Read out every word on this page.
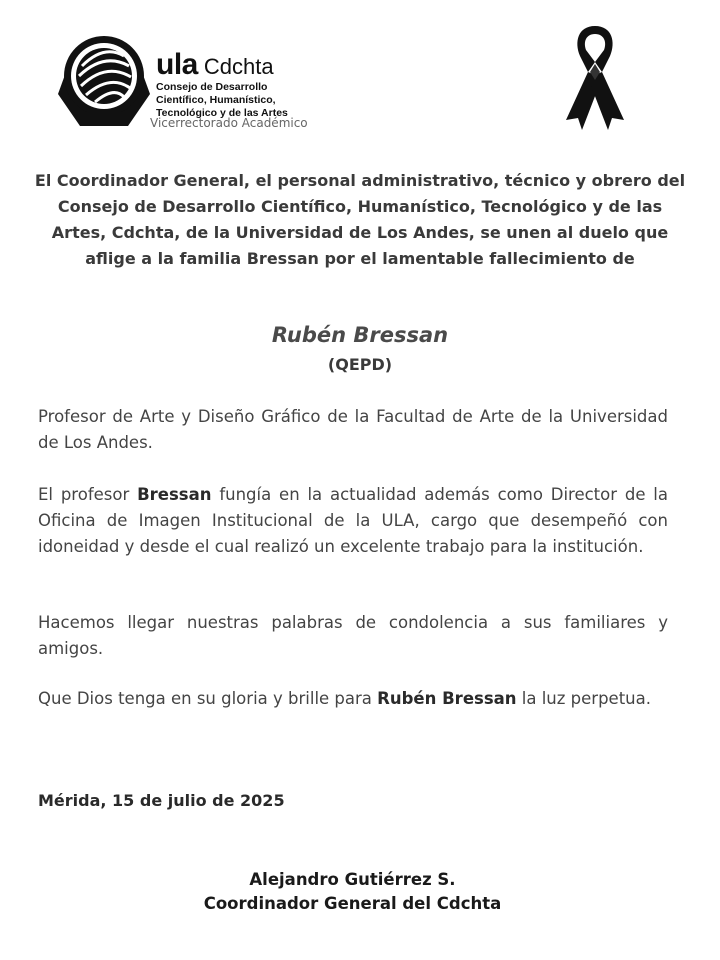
ula Cdchta
Consejo de Desarrollo
Científico, Humanístico,
Tecnológico y de las Artes
Vicerrectorado Académico
El Coordinador General, el personal administrativo, técnico y obrero del Consejo de Desarrollo Científico, Humanístico, Tecnológico y de las Artes, Cdchta, de la Universidad de Los Andes, se unen al duelo que aflige a la familia Bressan por el lamentable fallecimiento de
Rubén Bressan
(QEPD)
Profesor de Arte y Diseño Gráfico de la Facultad de Arte de la Universidad de Los Andes.
El profesor Bressan fungía en la actualidad además como Director de la Oficina de Imagen Institucional de la ULA, cargo que desempeñó con idoneidad y desde el cual realizó un excelente trabajo para la institución.
Hacemos llegar nuestras palabras de condolencia a sus familiares y amigos.
Que Dios tenga en su gloria y brille para Rubén Bressan la luz perpetua.
Mérida, 15 de julio de 2025
Alejandro Gutiérrez S.
Coordinador General del Cdchta
